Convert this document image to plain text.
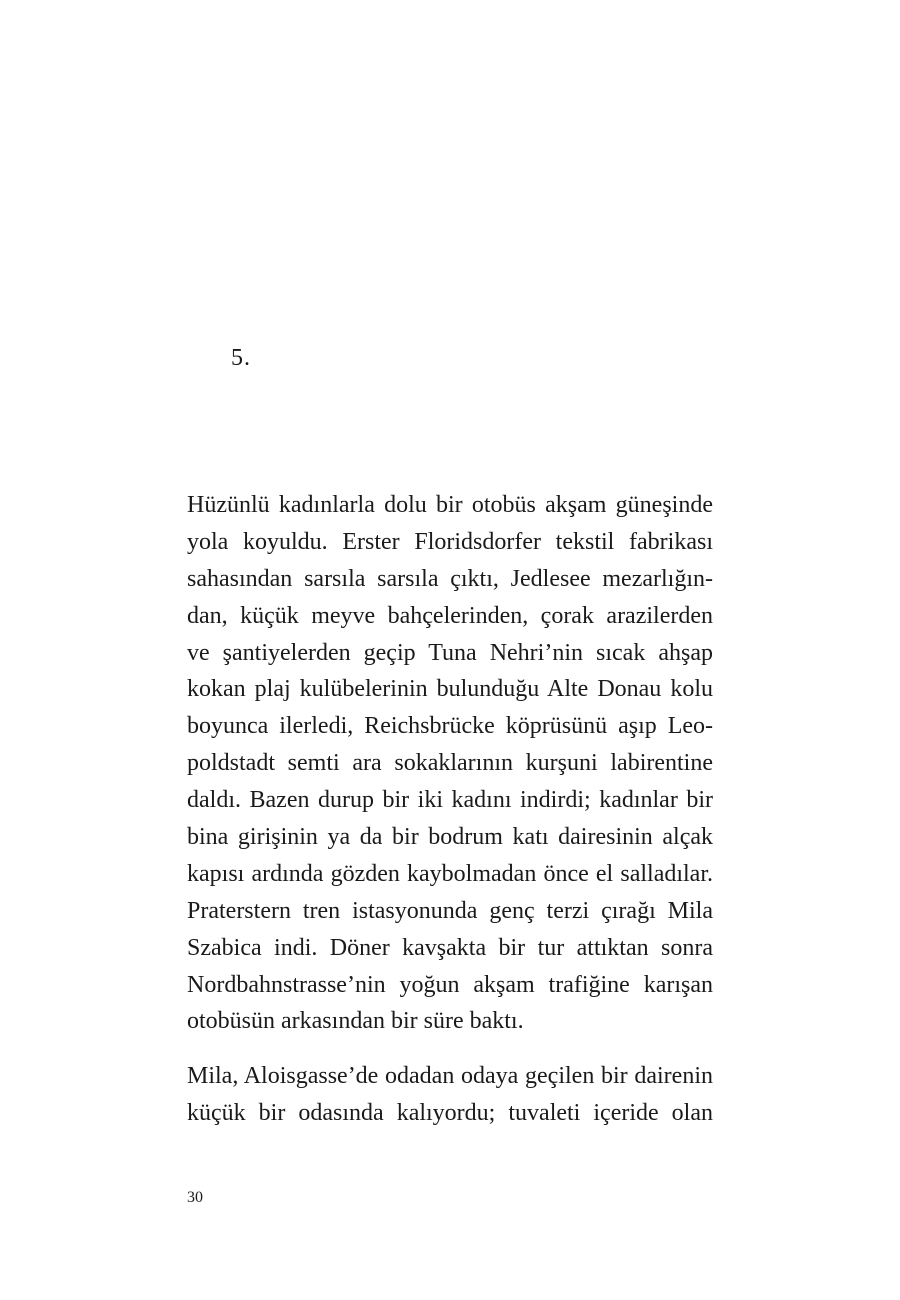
5.
Hüzünlü kadınlarla dolu bir otobüs akşam güneşinde
yola koyuldu. Erster Floridsdorfer tekstil fabrikası
sahasından sarsıla sarsıla çıktı, Jedlesee mezarlığın-
dan, küçük meyve bahçelerinden, çorak arazilerden
ve şantiyelerden geçip Tuna Nehri’nin sıcak ahşap
kokan plaj kulübelerinin bulunduğu Alte Donau kolu
boyunca ilerledi, Reichsbrücke köprüsünü aşıp Leo-
poldstadt semti ara sokaklarının kurşuni labirentine
daldı. Bazen durup bir iki kadını indirdi; kadınlar bir
bina girişinin ya da bir bodrum katı dairesinin alçak
kapısı ardında gözden kaybolmadan önce el salladılar.
Praterstern tren istasyonunda genç terzi çırağı Mila
Szabica indi. Döner kavşakta bir tur attıktan sonra
Nordbahnstrasse’nin yoğun akşam trafiğine karışan
otobüsün arkasından bir süre baktı.
Mila, Aloisgasse’de odadan odaya geçilen bir dairenin
küçük bir odasında kalıyordu; tuvaleti içeride olan
30
